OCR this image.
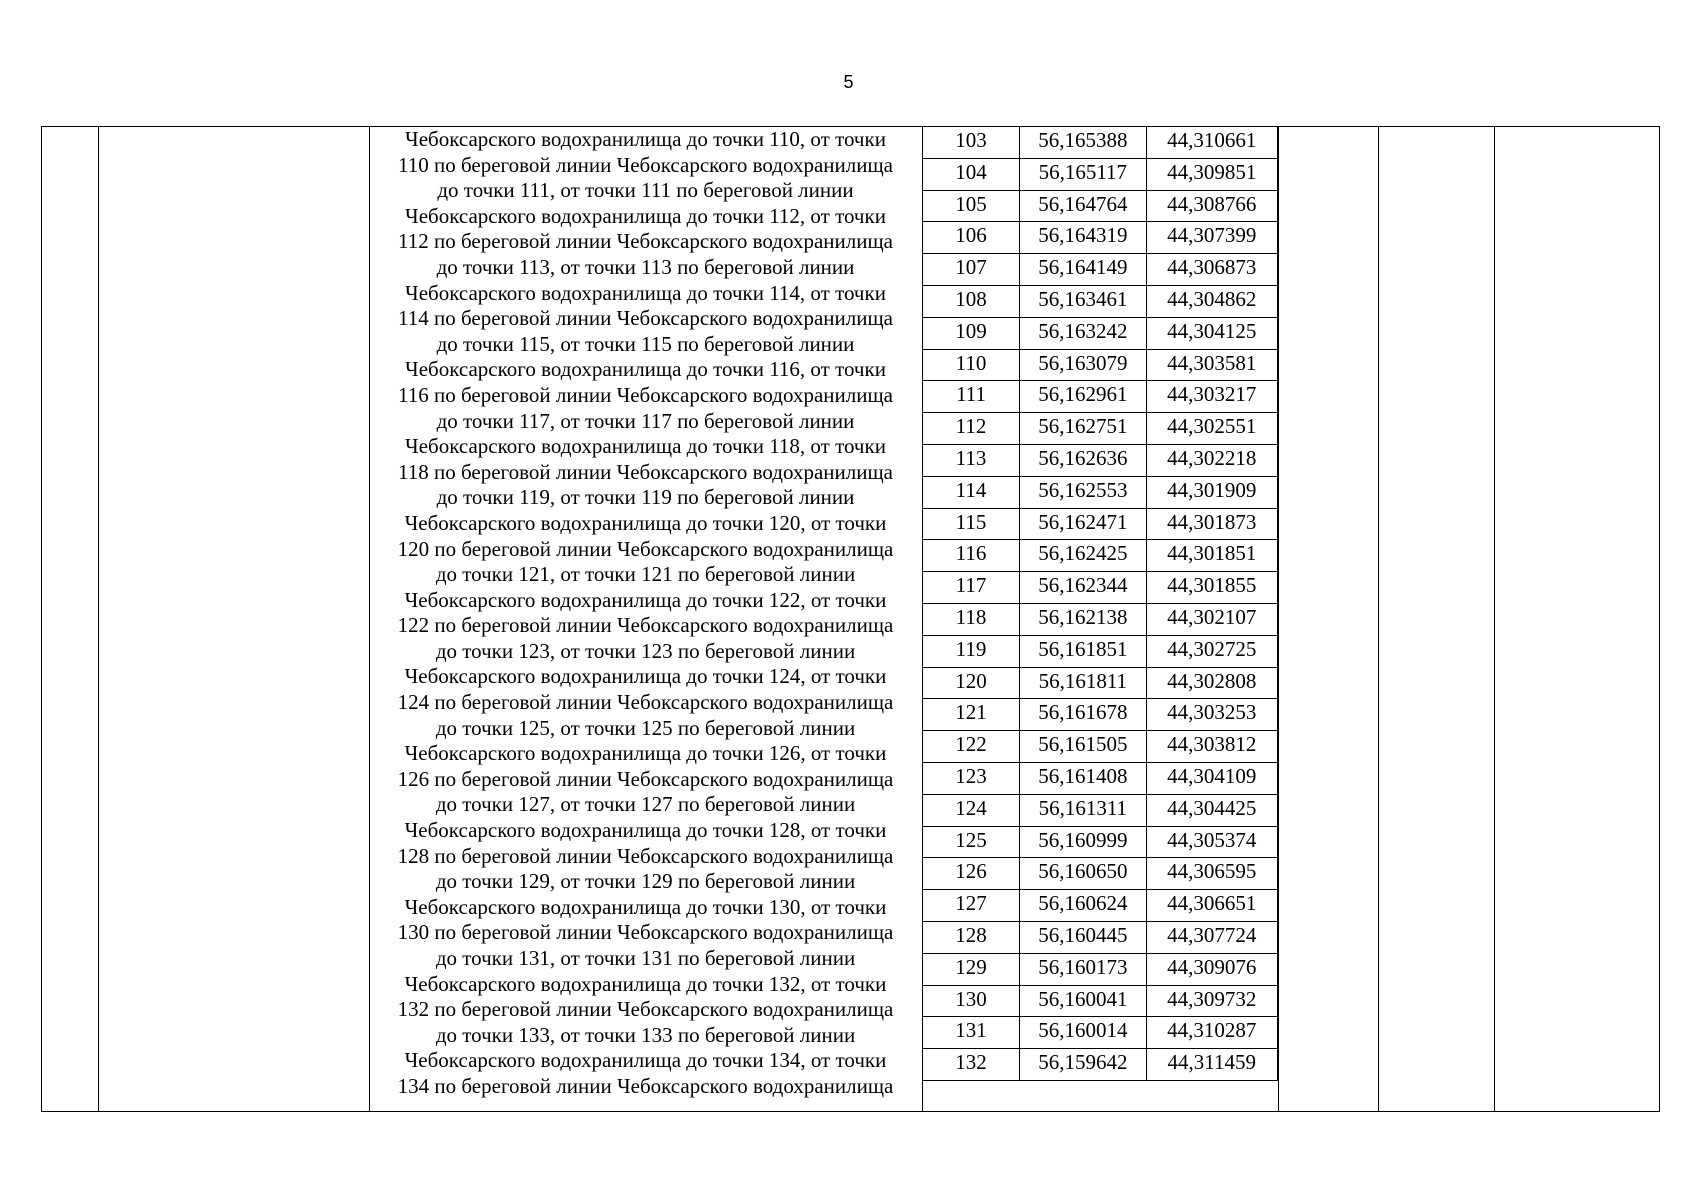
5
Чебоксарского водохранилища до точки 110, от точки
110 по береговой линии Чебоксарского водохранилища
до точки 111, от точки 111 по береговой линии
Чебоксарского водохранилища до точки 112, от точки
112 по береговой линии Чебоксарского водохранилища
до точки 113, от точки 113 по береговой линии
Чебоксарского водохранилища до точки 114, от точки
114 по береговой линии Чебоксарского водохранилища
до точки 115, от точки 115 по береговой линии
Чебоксарского водохранилища до точки 116, от точки
116 по береговой линии Чебоксарского водохранилища
до точки 117, от точки 117 по береговой линии
Чебоксарского водохранилища до точки 118, от точки
118 по береговой линии Чебоксарского водохранилища
до точки 119, от точки 119 по береговой линии
Чебоксарского водохранилища до точки 120, от точки
120 по береговой линии Чебоксарского водохранилища
до точки 121, от точки 121 по береговой линии
Чебоксарского водохранилища до точки 122, от точки
122 по береговой линии Чебоксарского водохранилища
до точки 123, от точки 123 по береговой линии
Чебоксарского водохранилища до точки 124, от точки
124 по береговой линии Чебоксарского водохранилища
до точки 125, от точки 125 по береговой линии
Чебоксарского водохранилища до точки 126, от точки
126 по береговой линии Чебоксарского водохранилища
до точки 127, от точки 127 по береговой линии
Чебоксарского водохранилища до точки 128, от точки
128 по береговой линии Чебоксарского водохранилища
до точки 129, от точки 129 по береговой линии
Чебоксарского водохранилища до точки 130, от точки
130 по береговой линии Чебоксарского водохранилища
до точки 131, от точки 131 по береговой линии
Чебоксарского водохранилища до точки 132, от точки
132 по береговой линии Чебоксарского водохранилища
до точки 133, от точки 133 по береговой линии
Чебоксарского водохранилища до точки 134, от точки
134 по береговой линии Чебоксарского водохранилища
103	56,165388	44,310661
104	56,165117	44,309851
105	56,164764	44,308766
106	56,164319	44,307399
107	56,164149	44,306873
108	56,163461	44,304862
109	56,163242	44,304125
110	56,163079	44,303581
111	56,162961	44,303217
112	56,162751	44,302551
113	56,162636	44,302218
114	56,162553	44,301909
115	56,162471	44,301873
116	56,162425	44,301851
117	56,162344	44,301855
118	56,162138	44,302107
119	56,161851	44,302725
120	56,161811	44,302808
121	56,161678	44,303253
122	56,161505	44,303812
123	56,161408	44,304109
124	56,161311	44,304425
125	56,160999	44,305374
126	56,160650	44,306595
127	56,160624	44,306651
128	56,160445	44,307724
129	56,160173	44,309076
130	56,160041	44,309732
131	56,160014	44,310287
132	56,159642	44,311459
